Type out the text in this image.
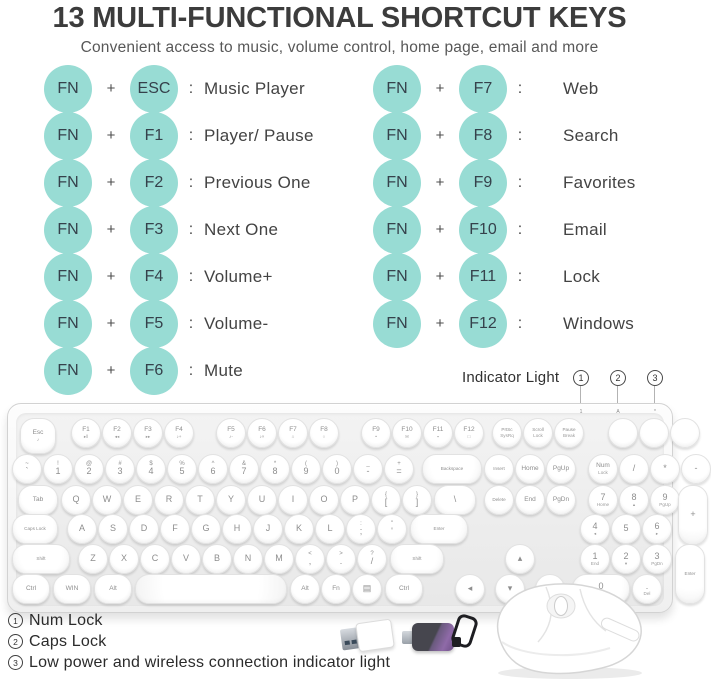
13 MULTI-FUNCTIONAL SHORTCUT KEYS
Convenient access to music, volume control, home page, email and more
FN	+	ESC	: Music Player
FN	+	F1	: Player/ Pause
FN	+	F2	: Previous One
FN	+	F3	: Next One
FN	+	F4	: Volume+
FN	+	F5	: Volume-
FN	+	F6	: Mute
FN	+	F7	:	Web
FN	+	F8	:	Search
FN	+	F9	:	Favorites
FN	+	F10	:	Email
FN	+	F11	:	Lock
FN	+	F12	:	Windows
Indicator Light	1	2	3
1	A	*
Esc
♪
F1
▸‖
F2
◂◂
F3
▸▸
F4
♪+
F5
♪-
F6
♪×
F7
⌂
F8
○
F9
•
F10
✉
F11
▪
F12
□
PrtSc
SysRq
Scroll
Lock
Pause
Break
~
`
!
1
@
2
#
3
$
4
%
5
^
6
&
7
*
8
(
9
)
0
_
-
+
=	Backspace	Insert	Home PgUp	Num
Lock	/	*	-
Tab	Q	W	E	R	T	Y	U	I	O	P	{
[
}
]	\	Delete	End	PgDn	7
Home
8
▴
9
PgUp
+
Caps Lock	A	S	D	F	G	H	J	K	L	:
;
"
'	Enter	4
◂
5	6
▸
Shift	Z	X	C	V	B	N	M	<
,
>
.
?
/	Shift	▴	1
End
2
▾
3
PgDn
Enter
Ctrl	WIN	Alt	Alt	Fn	▤	Ctrl	◂	▾	0	.
Del
1 Num Lock
2 Caps Lock
3 Low power and wireless connection indicator light
